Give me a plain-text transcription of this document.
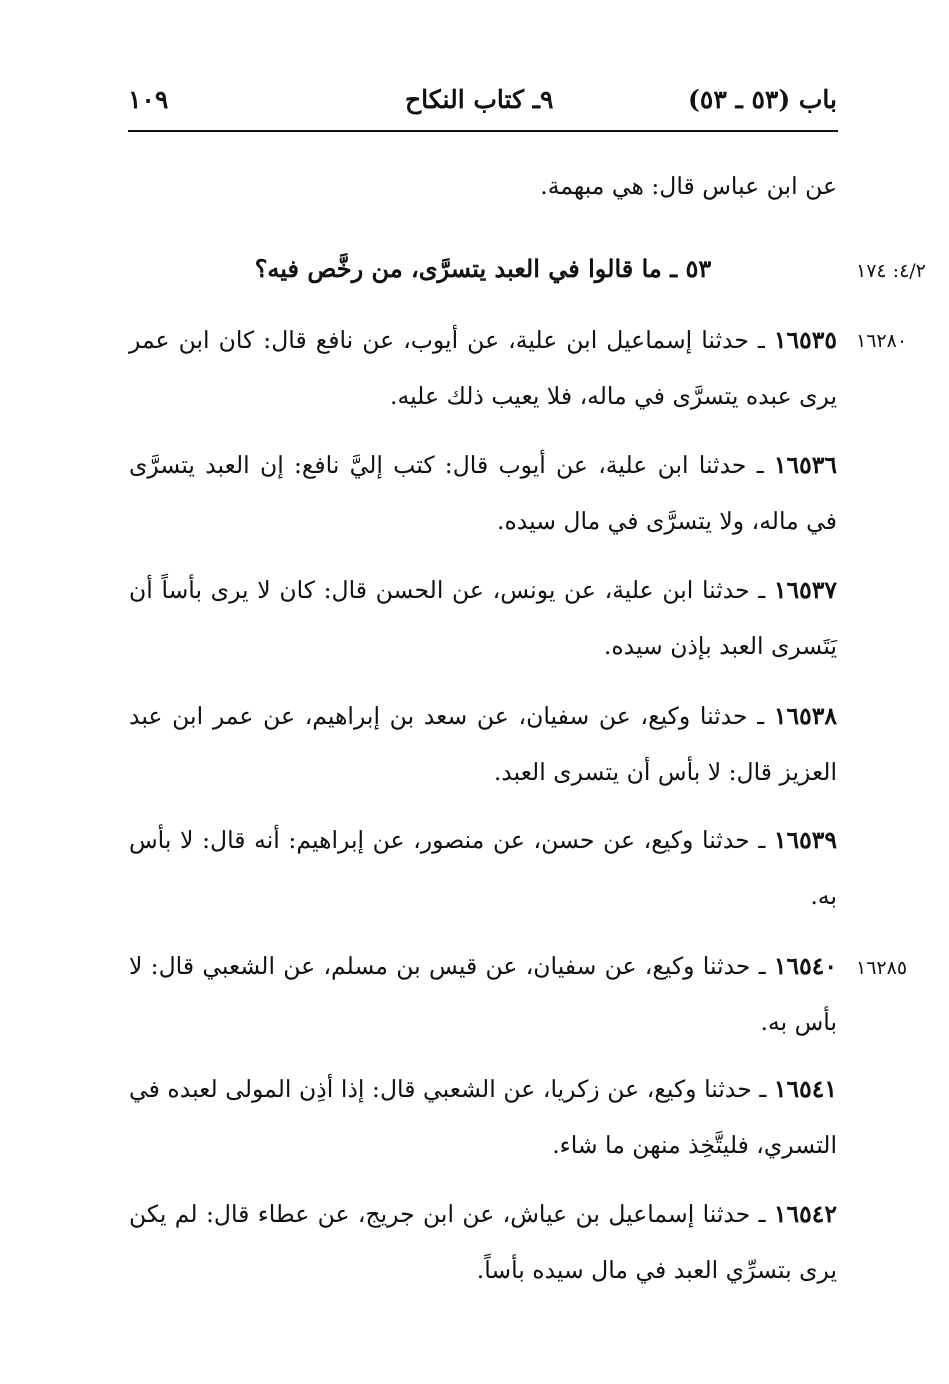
باب (٥٣ ـ ٥٣)
٩ـ كتاب النكاح
١٠٩
عن ابن عباس قال: هي مبهمة.
٥٣ ـ ما قالوا في العبد يتسرَّى، من رخَّص فيه؟	٤/٢: ١٧٤
١٦٥٣٥ ـ حدثنا إسماعيل ابن علية، عن أيوب، عن نافع قال: كان ابن عمر يرى عبده يتسرَّى في ماله، فلا يعيب ذلك عليه.
١٦٢٨٠
١٦٥٣٦ ـ حدثنا ابن علية، عن أيوب قال: كتب إليَّ نافع: إن العبد يتسرَّى في ماله، ولا يتسرَّى في مال سيده.
١٦٥٣٧ ـ حدثنا ابن علية، عن يونس، عن الحسن قال: كان لا يرى بأساً أن يَتَسرى العبد بإذن سيده.
١٦٥٣٨ ـ حدثنا وكيع، عن سفيان، عن سعد بن إبراهيم، عن عمر ابن عبد العزيز قال: لا بأس أن يتسرى العبد.
١٦٥٣٩ ـ حدثنا وكيع، عن حسن، عن منصور، عن إبراهيم: أنه قال: لا بأس به.
١٦٥٤٠ ـ حدثنا وكيع، عن سفيان، عن قيس بن مسلم، عن الشعبي قال: لا بأس به.
١٦٢٨٥
١٦٥٤١ ـ حدثنا وكيع، عن زكريا، عن الشعبي قال: إذا أذِن المولى لعبده في التسري، فليتَّخِذ منهن ما شاء.
١٦٥٤٢ ـ حدثنا إسماعيل بن عياش، عن ابن جريج، عن عطاء قال: لم يكن يرى بتسرِّي العبد في مال سيده بأساً.
